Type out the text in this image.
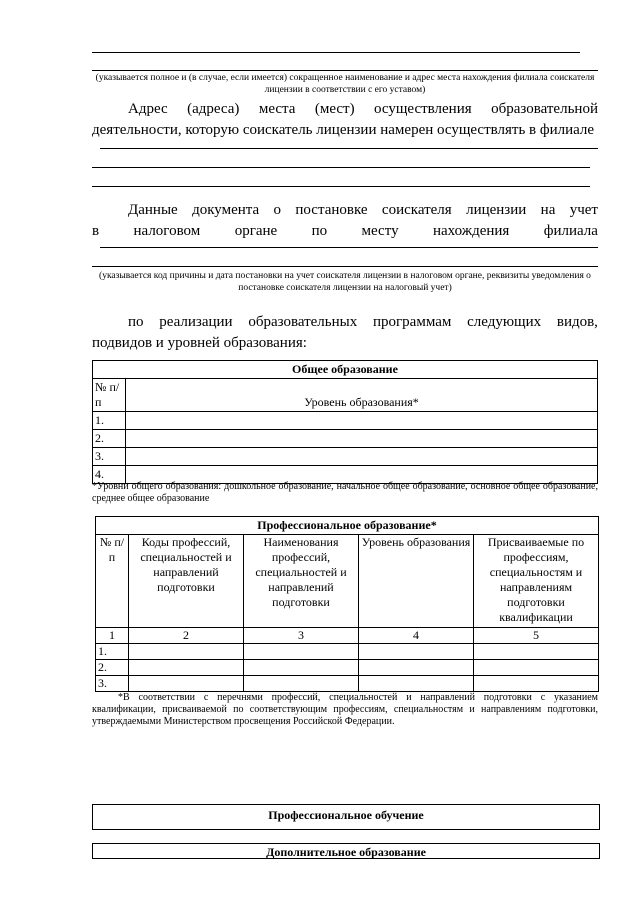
(указывается полное и (в случае, если имеется) сокращенное наименование и адрес места нахождения филиала соискателя лицензии в соответствии с его уставом)
Адрес (адреса) места (мест) осуществления образовательной
деятельности, которую соискатель лицензии намерен осуществлять в филиале
Данные документа о постановке соискателя лицензии на учет
в налоговом органе по месту нахождения филиала
(указывается код причины и дата постановки на учет соискателя лицензии в налоговом органе, реквизиты уведомления о постановке соискателя лицензии на налоговый учет)
по реализации образовательных программам следующих видов,
подвидов и уровней образования:
Общее образование	
№ п/п	Уровень образования*
1.	
2.	
3.	
4.	
*Уровни общего образования: дошкольное образование, начальное общее образование, основное общее образование, среднее общее образование
Профессиональное образование*				
№ п/п	Коды профессий, специальностей и направлений подготовки	Наименования профессий, специальностей и направлений подготовки	Уровень образования	Присваиваемые по профессиям, специальностям и направлениям подготовки квалификации
1	2	3	4	5
1.				
2.				
3.				
*В соответствии с перечнями профессий, специальностей и направлений подготовки с указанием квалификации, присваиваемой по соответствующим профессиям, специальностям и направлениям подготовки, утверждаемыми Министерством просвещения Российской Федерации.
Профессиональное обучение
Дополнительное образование
